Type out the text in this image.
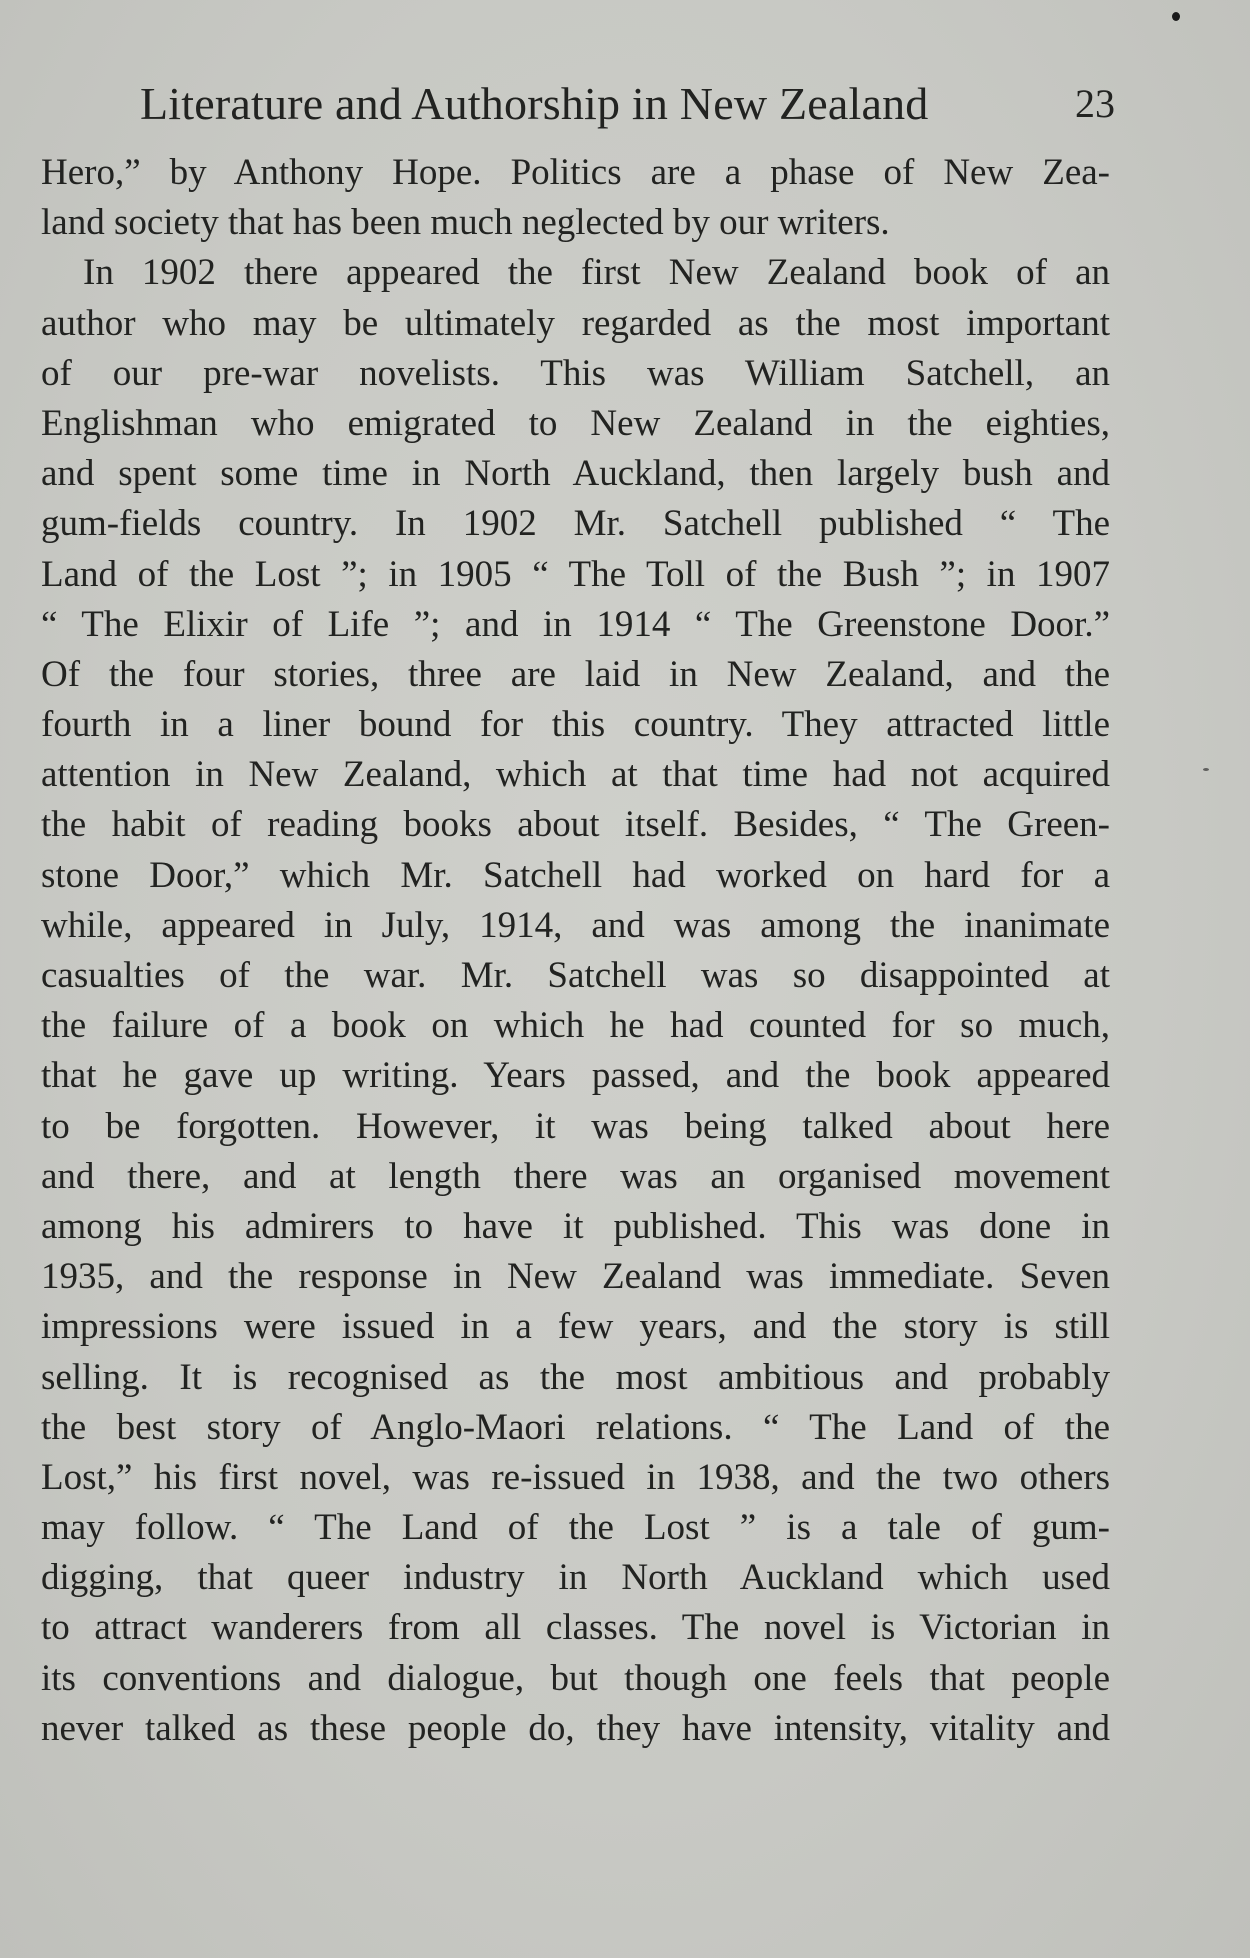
Literature and Authorship in New Zealand	23
Hero,” by Anthony Hope. Politics are a phase of New Zea-
land society that has been much neglected by our writers.
In 1902 there appeared the first New Zealand book of an
author who may be ultimately regarded as the most important
of our pre-war novelists. This was William Satchell, an
Englishman who emigrated to New Zealand in the eighties,
and spent some time in North Auckland, then largely bush and
gum-fields country. In 1902 Mr. Satchell published “ The
Land of the Lost ”; in 1905 “ The Toll of the Bush ”; in 1907
“ The Elixir of Life ”; and in 1914 “ The Greenstone Door.”
Of the four stories, three are laid in New Zealand, and the
fourth in a liner bound for this country. They attracted little
attention in New Zealand, which at that time had not acquired
the habit of reading books about itself. Besides, “ The Green-
stone Door,” which Mr. Satchell had worked on hard for a
while, appeared in July, 1914, and was among the inanimate
casualties of the war. Mr. Satchell was so disappointed at
the failure of a book on which he had counted for so much,
that he gave up writing. Years passed, and the book appeared
to be forgotten. However, it was being talked about here
and there, and at length there was an organised movement
among his admirers to have it published. This was done in
1935, and the response in New Zealand was immediate. Seven
impressions were issued in a few years, and the story is still
selling. It is recognised as the most ambitious and probably
the best story of Anglo-Maori relations. “ The Land of the
Lost,” his first novel, was re-issued in 1938, and the two others
may follow. “ The Land of the Lost ” is a tale of gum-
digging, that queer industry in North Auckland which used
to attract wanderers from all classes. The novel is Victorian in
its conventions and dialogue, but though one feels that people
never talked as these people do, they have intensity, vitality and
